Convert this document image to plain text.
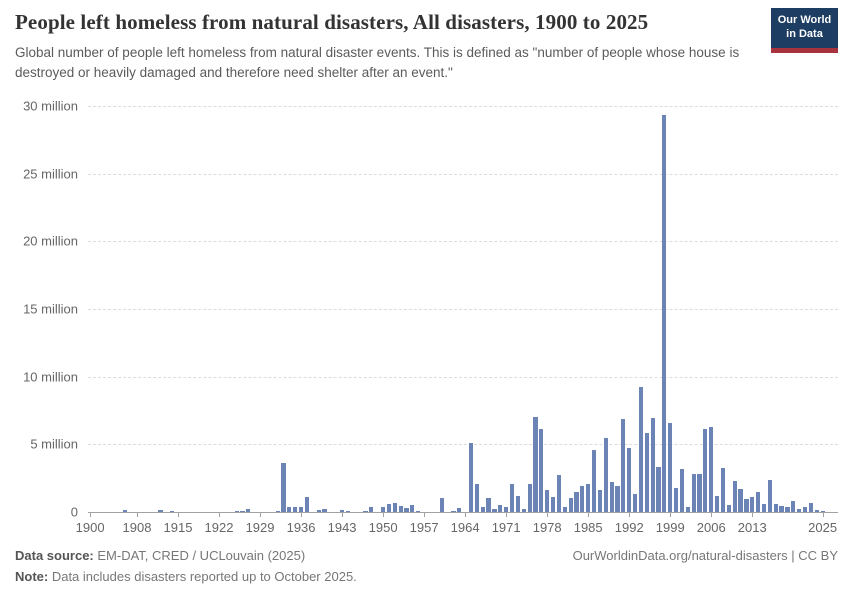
People left homeless from natural disasters, All disasters, 1900 to 2025
Global number of people left homeless from natural disaster events. This is defined as "number of people whose house is destroyed or heavily damaged and therefore need shelter after an event."
Our World
in Data
0
5 million
10 million
15 million
20 million
25 million
30 million
1900 1908 1915 1922 1929 1936 1943 1950 1957 1964 1971 1978 1985 1992 1999 2006 2013	2025
Data source: EM-DAT, CRED / UCLouvain (2025)	OurWorldinData.org/natural-disasters | CC BY
Note: Data includes disasters reported up to October 2025.
